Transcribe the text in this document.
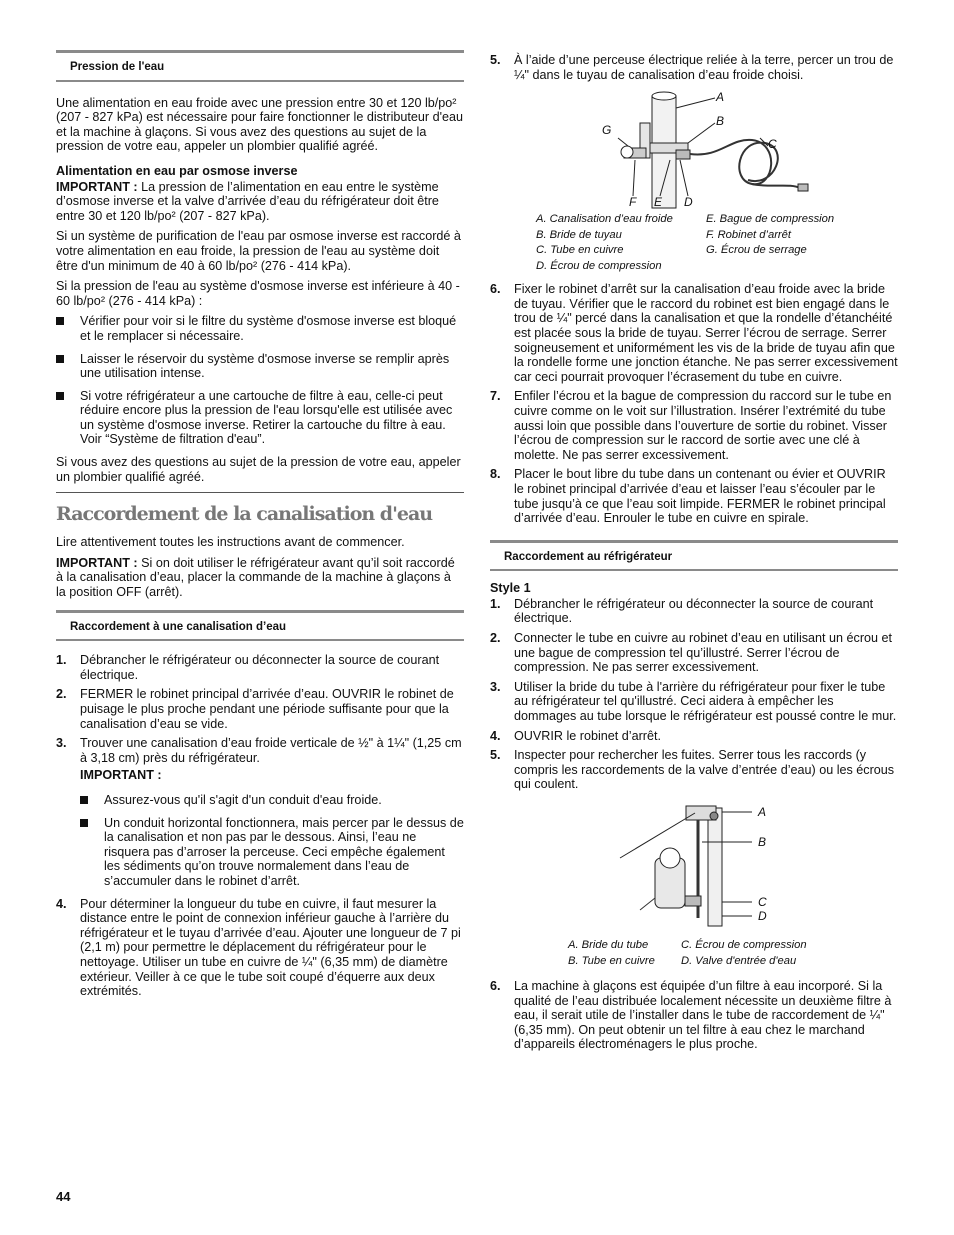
Pression de l'eau

Une alimentation en eau froide avec une pression entre 30 et 120 lb/po² (207 - 827 kPa) est nécessaire pour faire fonctionner le distributeur d'eau et la machine à glaçons. Si vous avez des questions au sujet de la pression de votre eau, appeler un plombier qualifié agréé.

Alimentation en eau par osmose inverse

IMPORTANT : La pression de l’alimentation en eau entre le système d’osmose inverse et la valve d’arrivée d’eau du réfrigérateur doit être entre 30 et 120 lb/po² (207 - 827 kPa).

Si un système de purification de l'eau par osmose inverse est raccordé à votre alimentation en eau froide, la pression de l'eau au système doit être d'un minimum de 40 à 60 lb/po² (276 - 414 kPa).

Si la pression de l'eau au système d'osmose inverse est inférieure à 40 - 60 lb/po² (276 - 414 kPa) :

Vérifier pour voir si le filtre du système d'osmose inverse est bloqué et le remplacer si nécessaire.
Laisser le réservoir du système d'osmose inverse se remplir après une utilisation intense.
Si votre réfrigérateur a une cartouche de filtre à eau, celle-ci peut réduire encore plus la pression de l'eau lorsqu'elle est utilisée avec un système d'osmose inverse. Retirer la cartouche du filtre à eau. Voir “Système de filtration d'eau”.

Si vous avez des questions au sujet de la pression de votre eau, appeler un plombier qualifié agréé.

Raccordement de la canalisation d'eau

Lire attentivement toutes les instructions avant de commencer.

IMPORTANT : Si on doit utiliser le réfrigérateur avant qu’il soit raccordé à la canalisation d’eau, placer la commande de la machine à glaçons à la position OFF (arrêt).

Raccordement à une canalisation d’eau
1. Débrancher le réfrigérateur ou déconnecter la source de courant électrique.
2. FERMER le robinet principal d’arrivée d’eau. OUVRIR le robinet de puisage le plus proche pendant une période suffisante pour que la canalisation d’eau se vide.
3. Trouver une canalisation d’eau froide verticale de ½" à 1¼" (1,25 cm à 3,18 cm) près du réfrigérateur.
IMPORTANT :
Assurez-vous qu'il s'agit d'un conduit d'eau froide.
Un conduit horizontal fonctionnera, mais percer par le dessus de la canalisation et non pas par le dessous. Ainsi, l’eau ne risquera pas d’arroser la perceuse. Ceci empêche également les sédiments qu’on trouve normalement dans l’eau de s’accumuler dans le robinet d’arrêt.
4. Pour déterminer la longueur du tube en cuivre, il faut mesurer la distance entre le point de connexion inférieur gauche à l’arrière du réfrigérateur et le tuyau d’arrivée d’eau. Ajouter une longueur de 7 pi (2,1 m) pour permettre le déplacement du réfrigérateur pour le nettoyage. Utiliser un tube en cuivre de ¼" (6,35 mm) de diamètre extérieur. Veiller à ce que le tube soit coupé d’équerre aux deux extrémités.
5. À l’aide d’une perceuse électrique reliée à la terre, percer un trou de ¼" dans le tuyau de canalisation d’eau froide choisi.
A
B
C
D
E
F
G
A. Canalisation d’eau froide	E. Bague de compression
B. Bride de tuyau	F. Robinet d’arrêt
C. Tube en cuivre	G. Écrou de serrage
D. Écrou de compression
6. Fixer le robinet d’arrêt sur la canalisation d’eau froide avec la bride de tuyau. Vérifier que le raccord du robinet est bien engagé dans le trou de ¼" percé dans la canalisation et que la rondelle d’étanchéité est placée sous la bride de tuyau. Serrer l’écrou de serrage. Serrer soigneusement et uniformément les vis de la bride de tuyau afin que la rondelle forme une jonction étanche. Ne pas serrer excessivement car ceci pourrait provoquer l’écrasement du tube en cuivre.
7. Enfiler l’écrou et la bague de compression du raccord sur le tube en cuivre comme on le voit sur l’illustration. Insérer l’extrémité du tube aussi loin que possible dans l’ouverture de sortie du robinet. Visser l’écrou de compression sur le raccord de sortie avec une clé à molette. Ne pas serrer excessivement.
8. Placer le bout libre du tube dans un contenant ou évier et OUVRIR le robinet principal d’arrivée d’eau et laisser l’eau s’écouler par le tube jusqu’à ce que l’eau soit limpide. FERMER le robinet principal d’arrivée d’eau. Enrouler le tube en cuivre en spirale.
Raccordement au réfrigérateur
Style 1
1. Débrancher le réfrigérateur ou déconnecter la source de courant électrique.
2. Connecter le tube en cuivre au robinet d’eau en utilisant un écrou et une bague de compression tel qu’illustré. Serrer l’écrou de compression. Ne pas serrer excessivement.
3. Utiliser la bride du tube à l'arrière du réfrigérateur pour fixer le tube au réfrigérateur tel qu'illustré. Ceci aidera à empêcher les dommages au tube lorsque le réfrigérateur est poussé contre le mur.
4. OUVRIR le robinet d’arrêt.
5. Inspecter pour rechercher les fuites. Serrer tous les raccords (y compris les raccordements de la valve d’entrée d’eau) ou les écrous qui coulent.
A
B
C
D
A. Bride du tube	C. Écrou de compression
B. Tube en cuivre	D. Valve d'entrée d'eau
6. La machine à glaçons est équipée d’un filtre à eau incorporé. Si la qualité de l’eau distribuée localement nécessite un deuxième filtre à eau, il serait utile de l’installer dans le tube de raccordement de ¼" (6,35 mm). On peut obtenir un tel filtre à eau chez le marchand d’appareils électroménagers le plus proche.
44
